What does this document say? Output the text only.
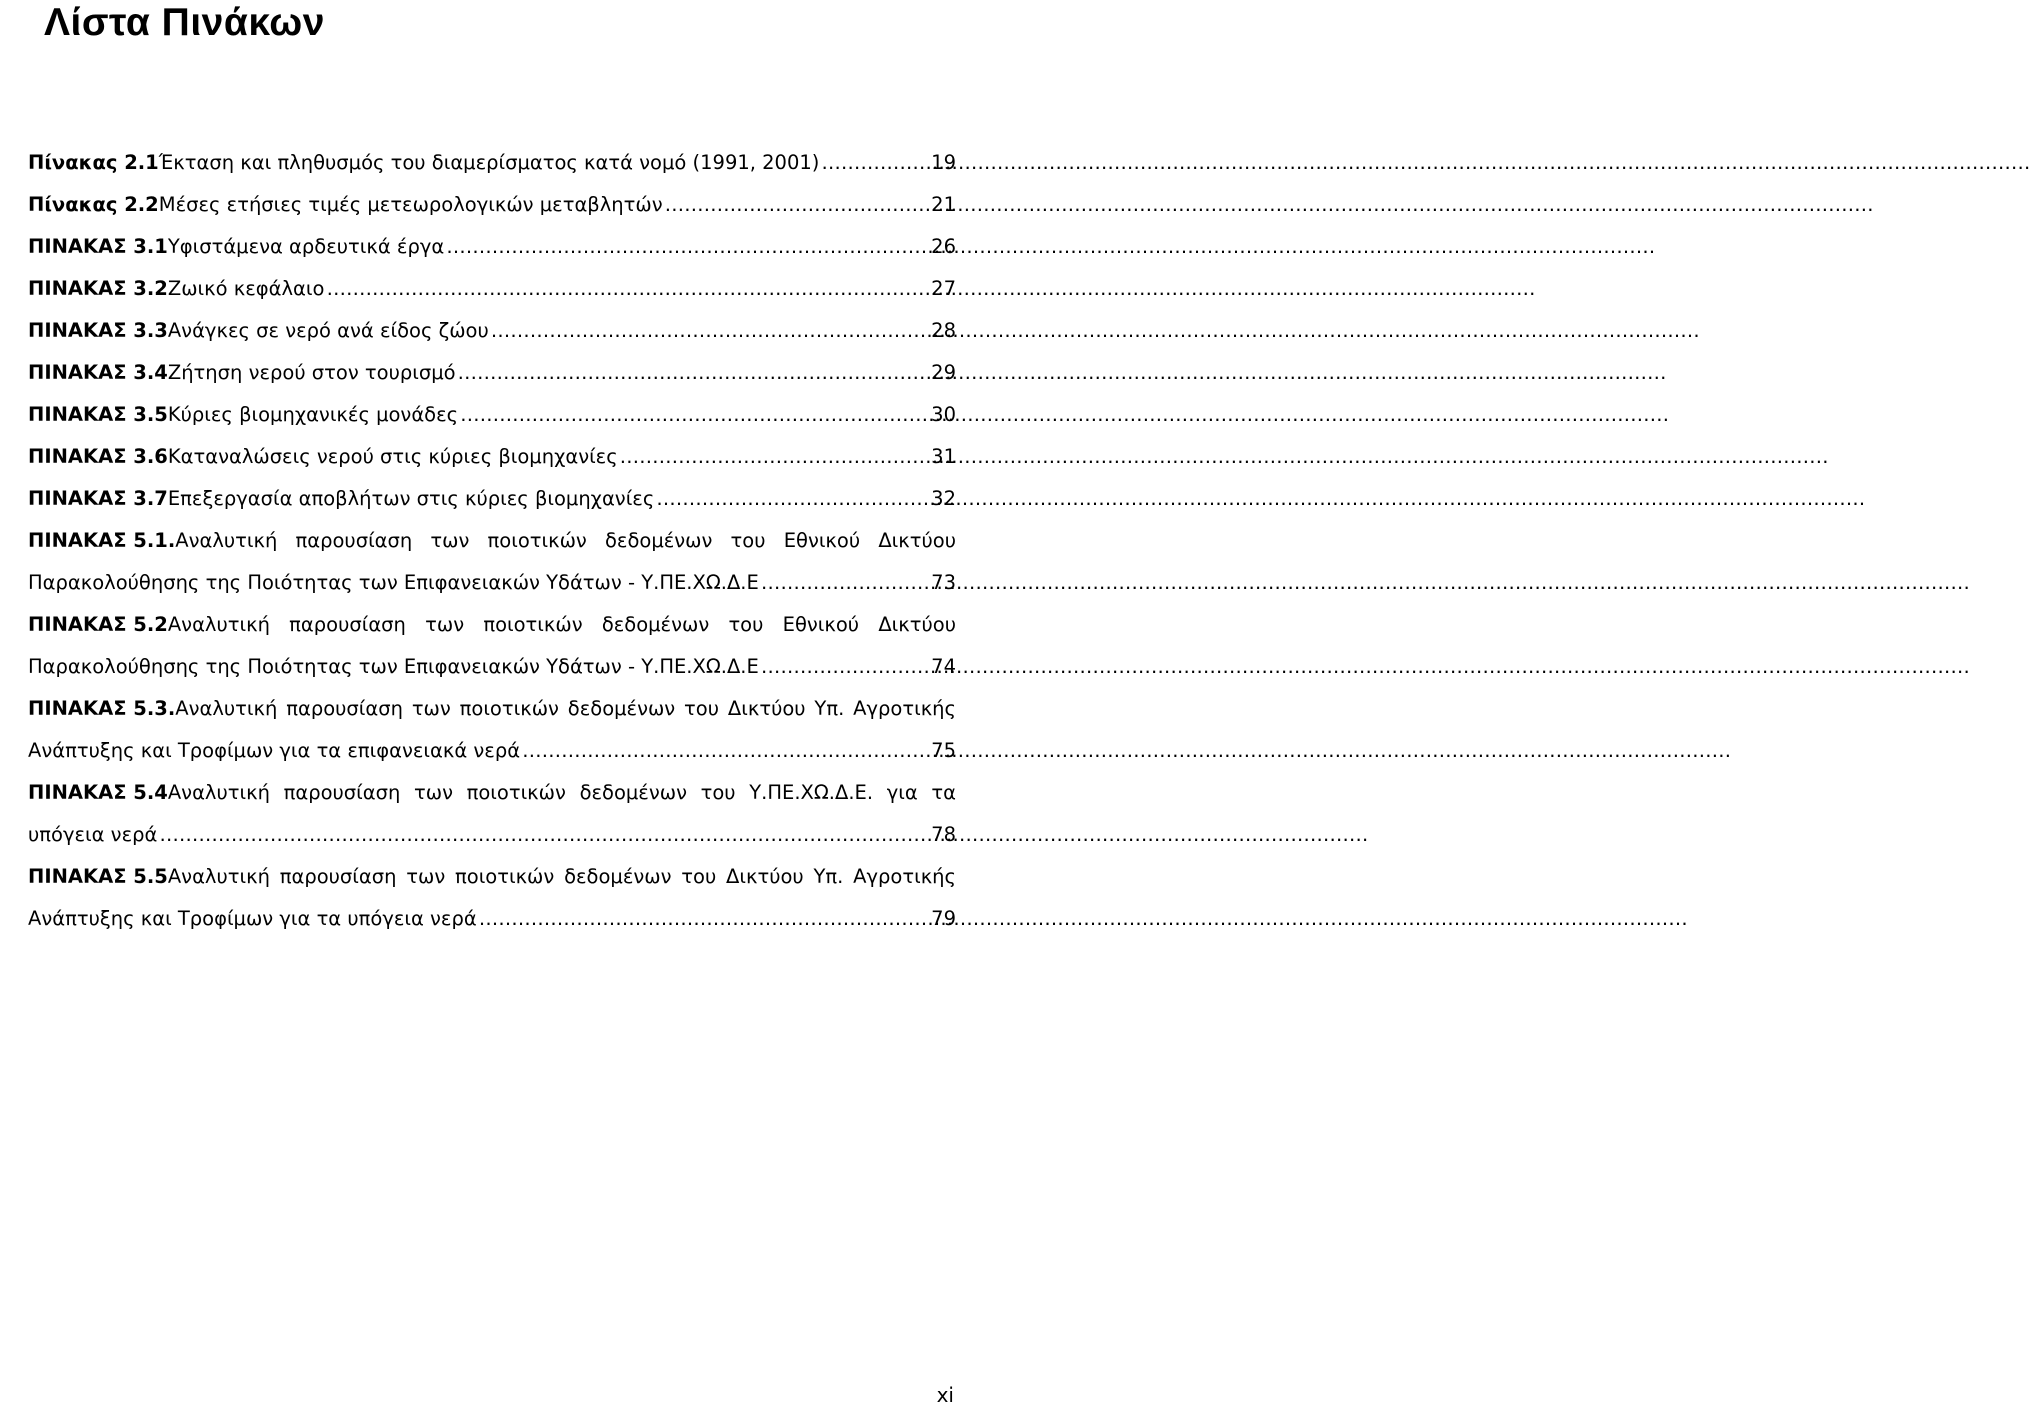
Λίστα Πινάκων
Πίνακας 2.1 Έκταση και πληθυσμός του διαμερίσματος κατά νομό (1991, 2001) ……………………………………………………………………………………………………………………………………………………………………	19
Πίνακας 2.2 Μέσες ετήσιες τιμές μετεωρολογικών μεταβλητών ……………………………………………………………………………………………………………………………………………………………………	21
ΠΙΝΑΚΑΣ 3.1 Υφιστάμενα αρδευτικά έργα ……………………………………………………………………………………………………………………………………………………………………	26
ΠΙΝΑΚΑΣ 3.2 Ζωικό κεφάλαιο ……………………………………………………………………………………………………………………………………………………………………	27
ΠΙΝΑΚΑΣ 3.3 Ανάγκες σε νερό ανά είδος ζώου ……………………………………………………………………………………………………………………………………………………………………	28
ΠΙΝΑΚΑΣ 3.4 Ζήτηση νερού στον τουρισμό ……………………………………………………………………………………………………………………………………………………………………	29
ΠΙΝΑΚΑΣ 3.5 Κύριες βιομηχανικές μονάδες ……………………………………………………………………………………………………………………………………………………………………	30
ΠΙΝΑΚΑΣ 3.6 Καταναλώσεις νερού στις κύριες βιομηχανίες ……………………………………………………………………………………………………………………………………………………………………	31
ΠΙΝΑΚΑΣ 3.7 Επεξεργασία αποβλήτων στις κύριες βιομηχανίες ……………………………………………………………………………………………………………………………………………………………………	32
ΠΙΝΑΚΑΣ 5.1. Αναλυτική παρουσίαση των ποιοτικών δεδομένων του Εθνικού Δικτύου
Παρακολούθησης της Ποιότητας των Επιφανειακών Υδάτων - Υ.ΠΕ.ΧΩ.Δ.Ε ……………………………………………………………………………………………………………………………………………………………………	73
ΠΙΝΑΚΑΣ 5.2 Αναλυτική παρουσίαση των ποιοτικών δεδομένων του Εθνικού Δικτύου
Παρακολούθησης της Ποιότητας των Επιφανειακών Υδάτων - Υ.ΠΕ.ΧΩ.Δ.Ε ……………………………………………………………………………………………………………………………………………………………………	74
ΠΙΝΑΚΑΣ 5.3. Αναλυτική παρουσίαση των ποιοτικών δεδομένων του Δικτύου Υπ. Αγροτικής
Ανάπτυξης και Τροφίμων για τα επιφανειακά νερά ……………………………………………………………………………………………………………………………………………………………………	75
ΠΙΝΑΚΑΣ 5.4 Αναλυτική παρουσίαση των ποιοτικών δεδομένων του Υ.ΠΕ.ΧΩ.Δ.Ε. για τα
υπόγεια νερά ……………………………………………………………………………………………………………………………………………………………………	78
ΠΙΝΑΚΑΣ 5.5 Αναλυτική παρουσίαση των ποιοτικών δεδομένων του Δικτύου Υπ. Αγροτικής
Ανάπτυξης και Τροφίμων για τα υπόγεια νερά ……………………………………………………………………………………………………………………………………………………………………	79
xi
